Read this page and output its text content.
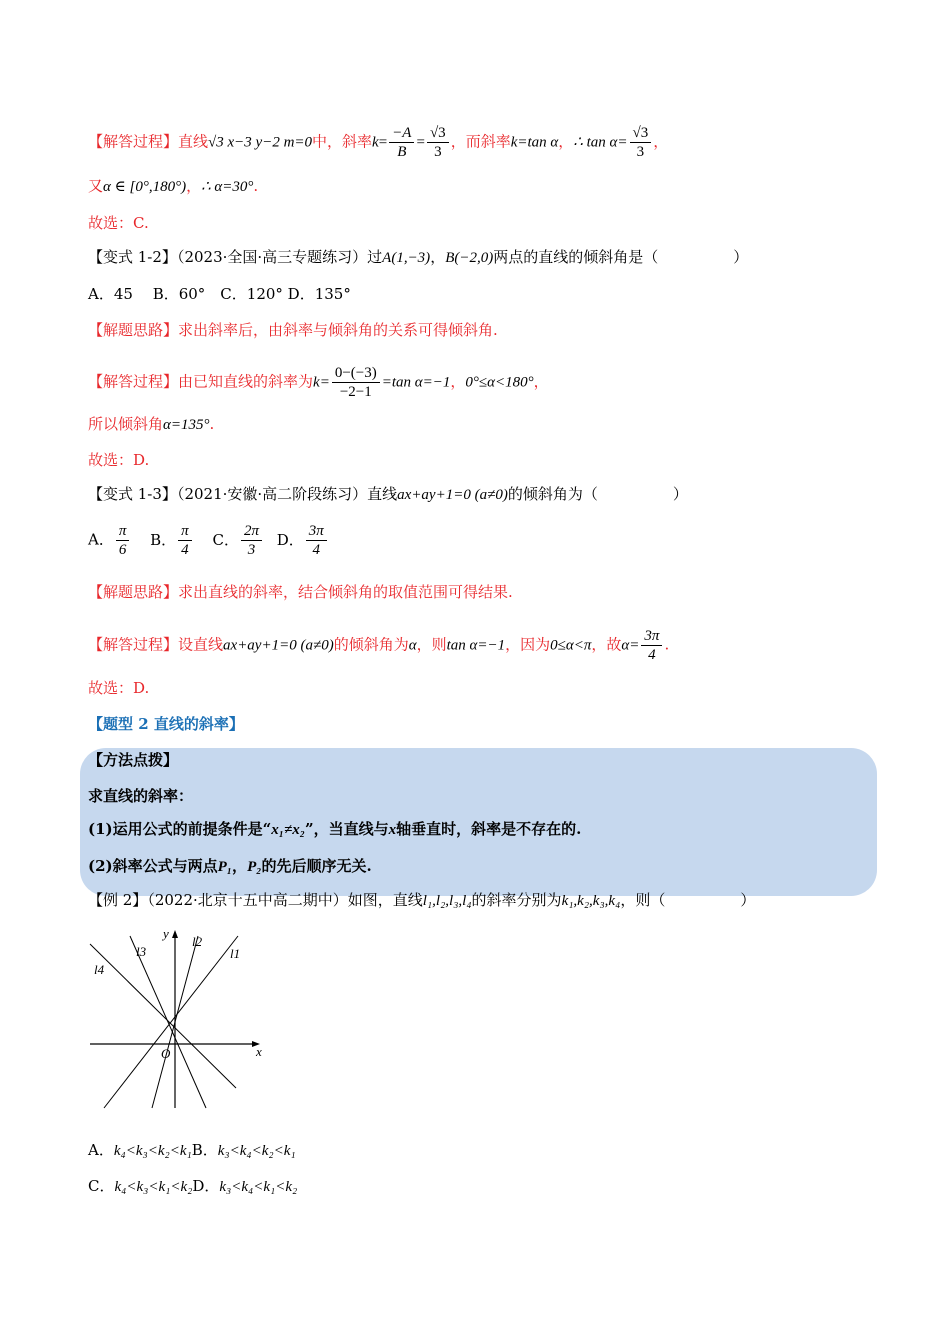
【解答过程】直线√3 x−3 y−2 m=0中，斜率$k= \frac{-A}{B} = \frac{√3}{3}$ ，而斜率k=tan α，∴ $\tan \alpha= \frac{√3}{3}$ ，
又α ∈ [0°,180°)，∴ α=30°.
故选：C.
【变式 1-2】（2023·全国·高三专题练习）过A(1,−3)，B(−2,0)两点的直线的倾斜角是（　　　　　）
A．45　 B．60°　C．120° D．135°
【解题思路】求出斜率后，由斜率与倾斜角的关系可得倾斜角.
【解答过程】由已知直线的斜率为$k= \frac{0-(-3)}{-2-1} =\tan$ α=−1，0°≤α<180°，
所以倾斜角α=135°.
故选：D.
【变式 1-3】（2021·安徽·高二阶段练习）直线ax+ay+1=0 (a≠0)的倾斜角为（　　　　　）
A． $\frac{\pi}{6}$ B． $\frac{\pi}{4}$ C． $\frac{2\pi}{3}$ D． $\frac{3\pi}{4}$
【解题思路】求出直线的斜率，结合倾斜角的取值范围可得结果.
【解答过程】设直线ax+ay+1=0 (a≠0)的倾斜角为α，则tan α=−1，因为0≤α<π，故$\alpha= \frac{3\pi}{4}$ .
故选：D.
【题型 2 直线的斜率】
【方法点拨】
求直线的斜率：
(1)运用公式的前提条件是“x₁≠x₂”，当直线与x轴垂直时，斜率是不存在的.
(2)斜率公式与两点P₁，P₂的先后顺序无关.
【例 2】（2022·北京十五中高二期中）如图，直线l₁,l₂,l₃,l₄的斜率分别为k₁,k₂,k₃,k₄，则（　　　　　）
y
x
O
l1
l2
l3
l4
A．k₄<k₃<k₂<k₁B．k₃<k₄<k₂<k₁
C．k₄<k₃<k₁<k₂D．k₃<k₄<k₁<k₂
